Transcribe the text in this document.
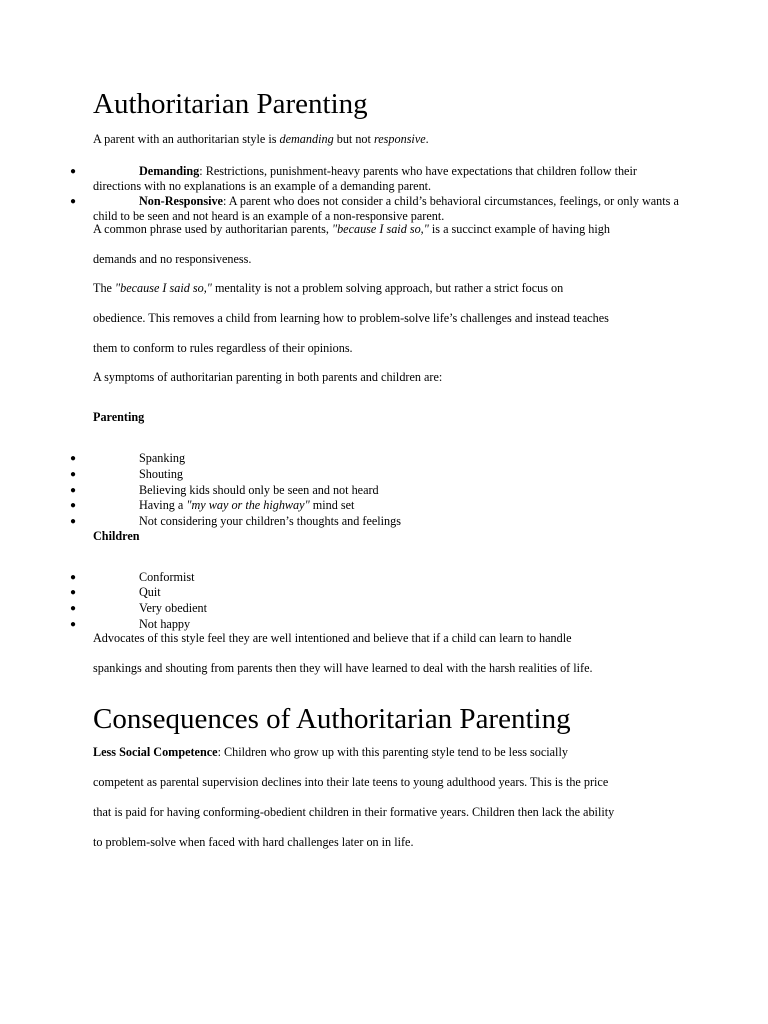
Authoritarian Parenting
A parent with an authoritarian style is demanding but not responsive.
●	Demanding: Restrictions, punishment-heavy parents who have expectations that children follow their directions with no explanations is an example of a demanding parent.
●	Non-Responsive: A parent who does not consider a child’s behavioral circumstances, feelings, or only wants a child to be seen and not heard is an example of a non-responsive parent.
A common phrase used by authoritarian parents, "because I said so," is a succinct example of having high
demands and no responsiveness.
The "because I said so," mentality is not a problem solving approach, but rather a strict focus on
obedience. This removes a child from learning how to problem-solve life’s challenges and instead teaches
them to conform to rules regardless of their opinions.
A symptoms of authoritarian parenting in both parents and children are:
Parenting
●	Spanking
●	Shouting
●	Believing kids should only be seen and not heard
●	Having a "my way or the highway" mind set
●	Not considering your children’s thoughts and feelings
Children
●	Conformist
●	Quit
●	Very obedient
●	Not happy
Advocates of this style feel they are well intentioned and believe that if a child can learn to handle
spankings and shouting from parents then they will have learned to deal with the harsh realities of life.
Consequences of Authoritarian Parenting
Less Social Competence: Children who grow up with this parenting style tend to be less socially
competent as parental supervision declines into their late teens to young adulthood years. This is the price
that is paid for having conforming-obedient children in their formative years. Children then lack the ability
to problem-solve when faced with hard challenges later on in life.
